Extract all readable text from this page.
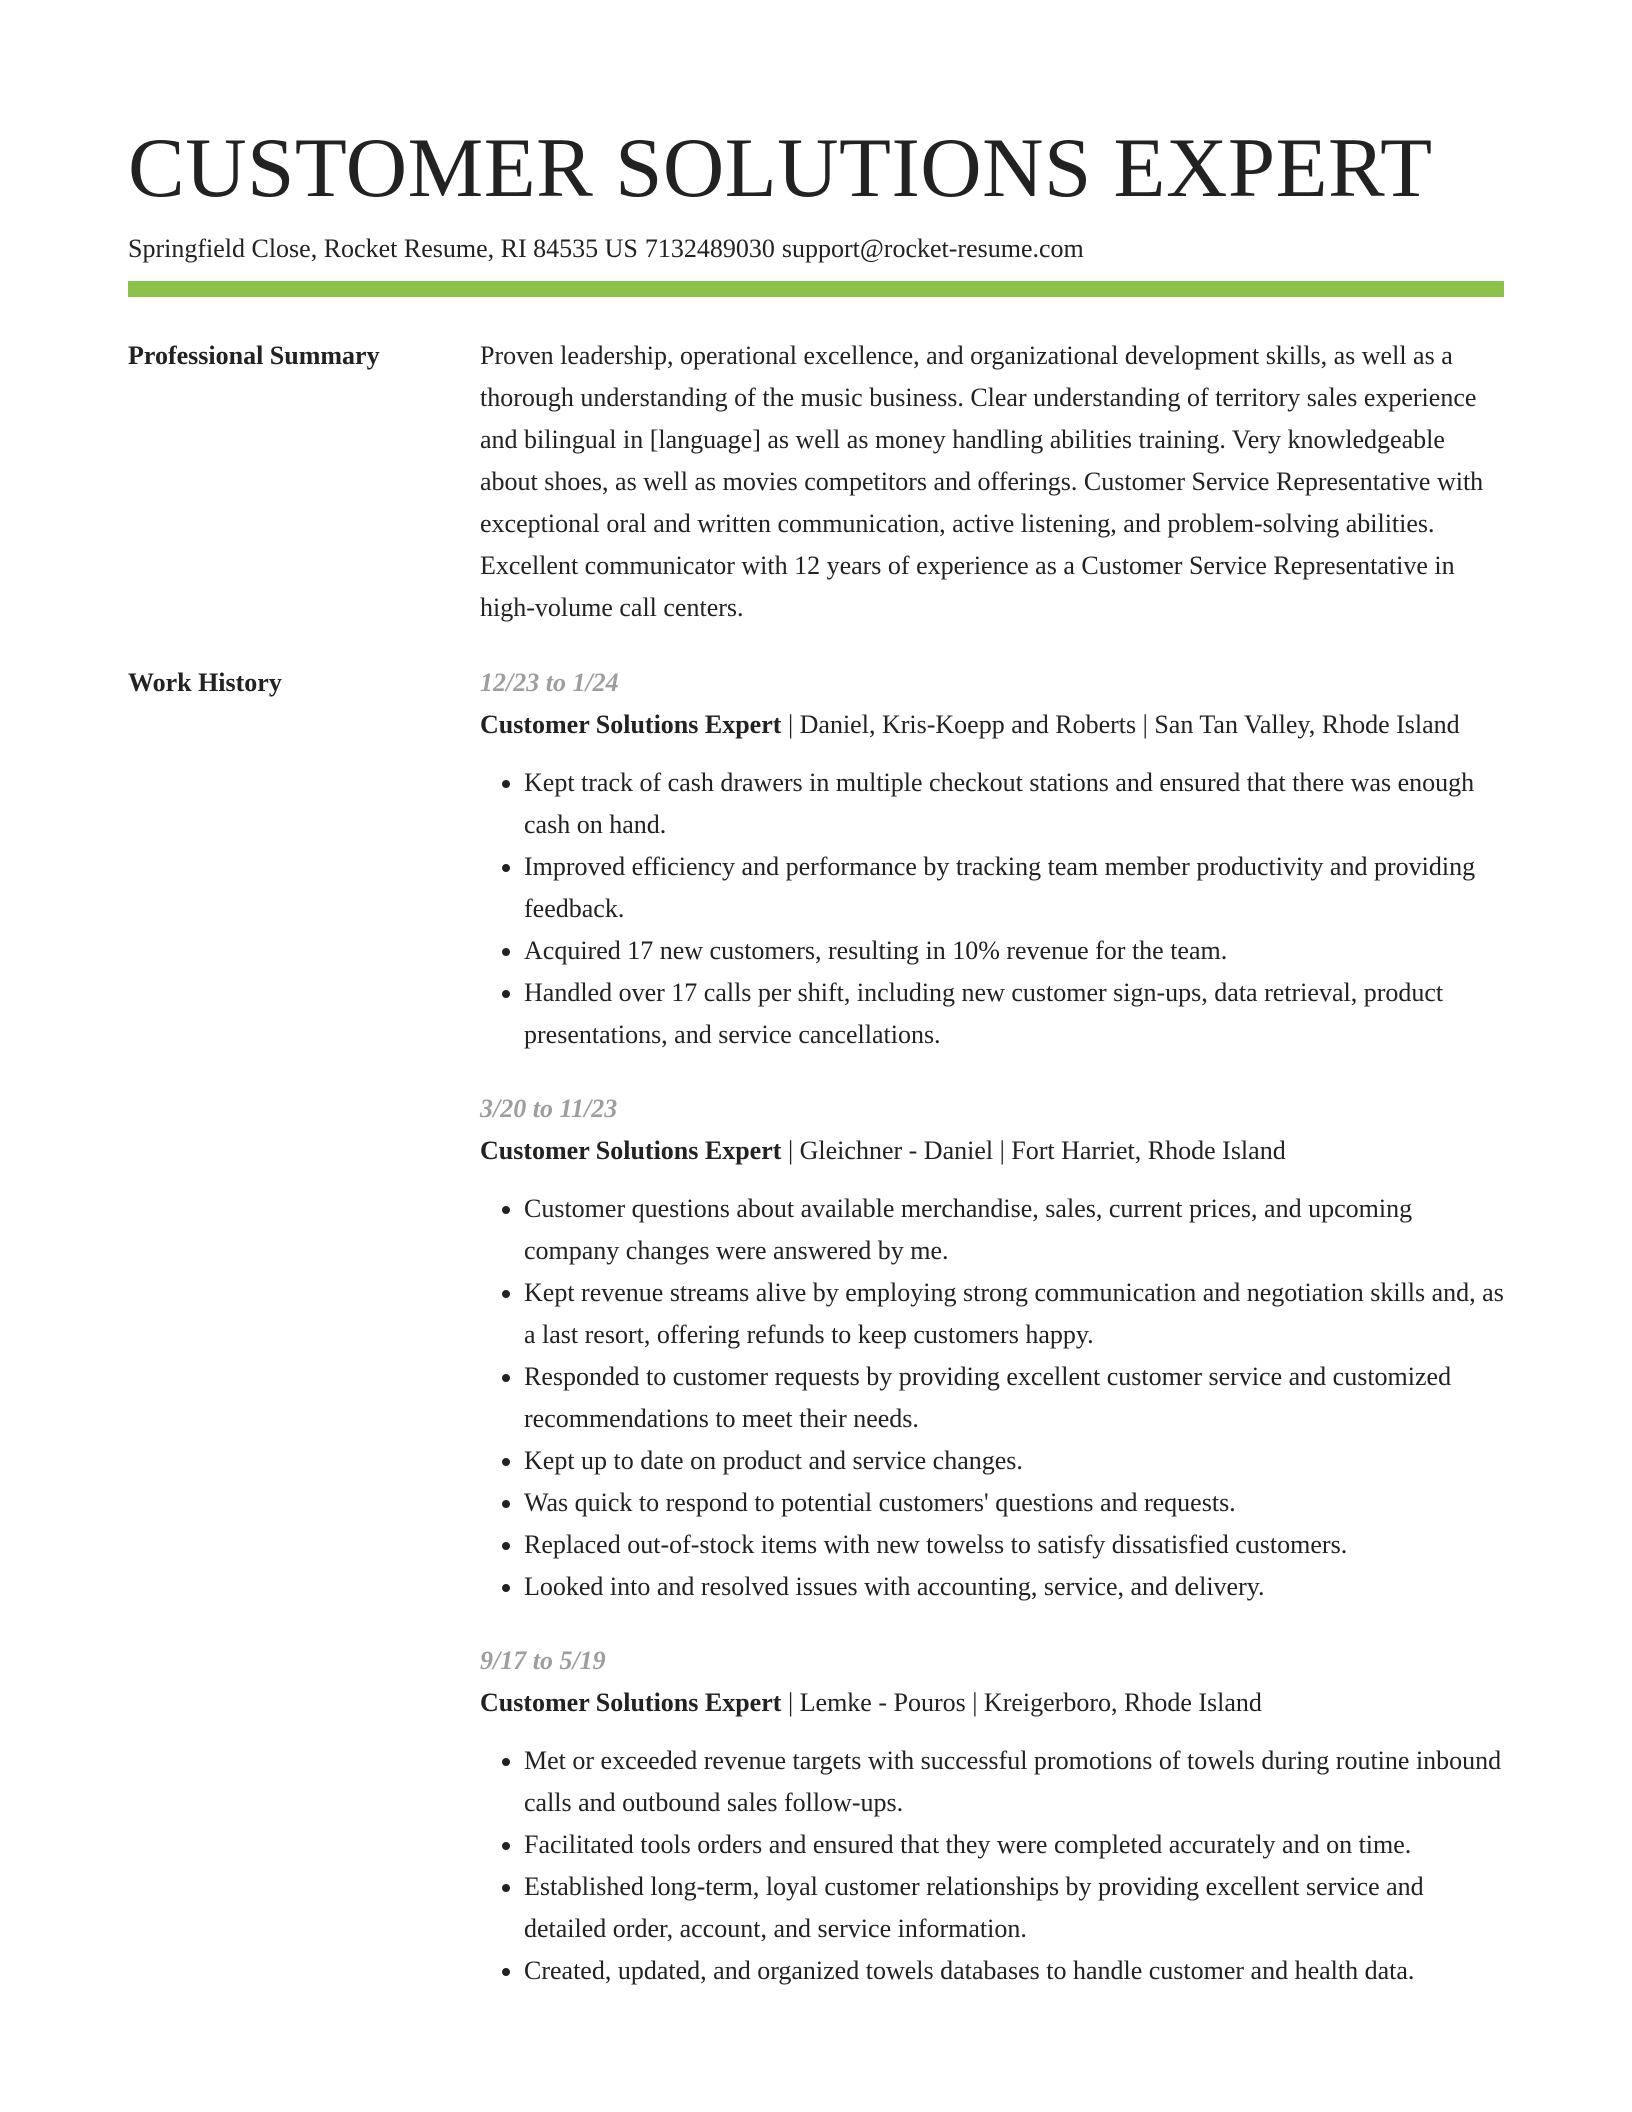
CUSTOMER SOLUTIONS EXPERT
Springfield Close, Rocket Resume, RI 84535 US 7132489030 support@rocket-resume.com
Professional Summary	Proven leadership, operational excellence, and organizational development skills, as well as a thorough understanding of the music business. Clear understanding of territory sales experience and bilingual in [language] as well as money handling abilities training. Very knowledgeable about shoes, as well as movies competitors and offerings. Customer Service Representative with exceptional oral and written communication, active listening, and problem-solving abilities. Excellent communicator with 12 years of experience as a Customer Service Representative in high-volume call centers.

Work History	12/23 to 1/24
Customer Solutions Expert | Daniel, Kris-Koepp and Roberts | San Tan Valley, Rhode Island
• Kept track of cash drawers in multiple checkout stations and ensured that there was enough cash on hand.
• Improved efficiency and performance by tracking team member productivity and providing feedback.
• Acquired 17 new customers, resulting in 10% revenue for the team.
• Handled over 17 calls per shift, including new customer sign-ups, data retrieval, product presentations, and service cancellations.
3/20 to 11/23
Customer Solutions Expert | Gleichner - Daniel | Fort Harriet, Rhode Island
• Customer questions about available merchandise, sales, current prices, and upcoming company changes were answered by me.
• Kept revenue streams alive by employing strong communication and negotiation skills and, as a last resort, offering refunds to keep customers happy.
• Responded to customer requests by providing excellent customer service and customized recommendations to meet their needs.
• Kept up to date on product and service changes.
• Was quick to respond to potential customers' questions and requests.
• Replaced out-of-stock items with new towelss to satisfy dissatisfied customers.
• Looked into and resolved issues with accounting, service, and delivery.
9/17 to 5/19
Customer Solutions Expert | Lemke - Pouros | Kreigerboro, Rhode Island
• Met or exceeded revenue targets with successful promotions of towels during routine inbound calls and outbound sales follow-ups.
• Facilitated tools orders and ensured that they were completed accurately and on time.
• Established long-term, loyal customer relationships by providing excellent service and detailed order, account, and service information.
• Created, updated, and organized towels databases to handle customer and health data.
